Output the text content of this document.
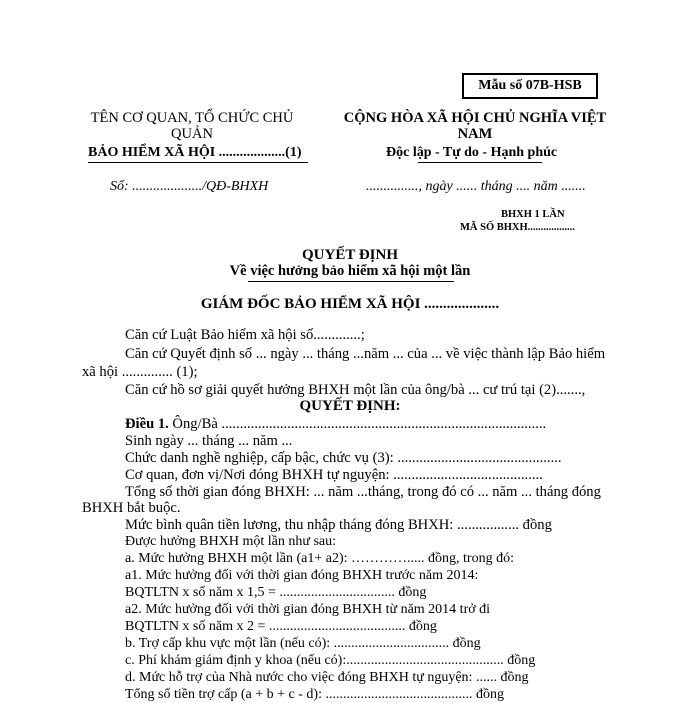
Mẫu số 07B-HSB
TÊN CƠ QUAN, TỔ CHỨC CHỦ
QUẢN
BẢO HIỂM XÃ HỘI ...................(1)
Số: ..................../QĐ-BHXH
CỘNG HÒA XÃ HỘI CHỦ NGHĨA VIỆT
NAM
Độc lập - Tự do - Hạnh phúc
..............., ngày ...... tháng .... năm .......
BHXH 1 LẦN
MÃ SỐ BHXH..................
QUYẾT ĐỊNH
Về việc hưởng bảo hiểm xã hội một lần
GIÁM ĐỐC BẢO HIỂM XÃ HỘI ....................
Căn cứ Luật Bảo hiểm xã hội số.............;
Căn cứ Quyết định số ... ngày ... tháng ...năm ... của ... về việc thành lập Bảo hiểm
xã hội .............. (1);
Căn cứ hồ sơ giải quyết hưởng BHXH một lần của ông/bà ... cư trú tại (2).......,
QUYẾT ĐỊNH:
Điều 1. Ông/Bà .........................................................................................
Sinh ngày ... tháng ... năm ...
Chức danh nghề nghiệp, cấp bậc, chức vụ (3): .............................................
Cơ quan, đơn vị/Nơi đóng BHXH tự nguyện: .........................................
Tổng số thời gian đóng BHXH: ... năm ...tháng, trong đó có ... năm ... tháng đóng
BHXH bắt buộc.
Mức bình quân tiền lương, thu nhập tháng đóng BHXH: ................. đồng
Được hưởng BHXH một lần như sau:
a. Mức hưởng BHXH một lần (a1+ a2): …………..... đồng, trong đó:
a1. Mức hưởng đối với thời gian đóng BHXH trước năm 2014:
BQTLTN x số năm x 1,5 = ................................. đồng
a2. Mức hưởng đối với thời gian đóng BHXH từ năm 2014 trở đi
BQTLTN x số năm x 2 = ....................................... đồng
b. Trợ cấp khu vực một lần (nếu có): ................................. đồng
c. Phí khám giám định y khoa (nếu có):............................................. đồng
d. Mức hỗ trợ của Nhà nước cho việc đóng BHXH tự nguyện: ...... đồng
Tổng số tiền trợ cấp (a + b + c - d): .......................................... đồng
